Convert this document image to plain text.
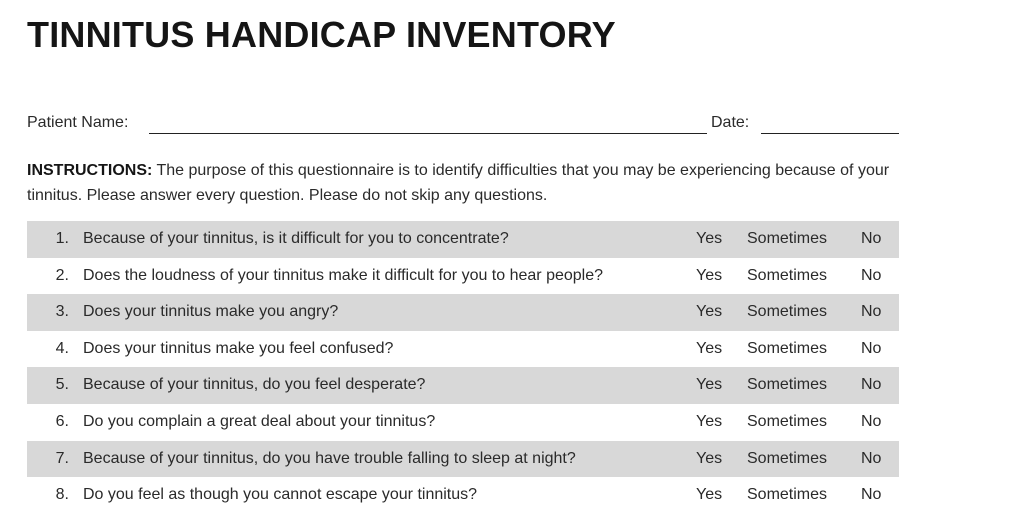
TINNITUS HANDICAP INVENTORY
Patient Name:	Date:
INSTRUCTIONS: The purpose of this questionnaire is to identify difficulties that you may be experiencing because of your tinnitus. Please answer every question. Please do not skip any questions.
1. Because of your tinnitus, is it difficult for you to concentrate?	Yes Sometimes No
2. Does the loudness of your tinnitus make it difficult for you to hear people?	Yes Sometimes No
3. Does your tinnitus make you angry?	Yes Sometimes No
4. Does your tinnitus make you feel confused?	Yes Sometimes No
5. Because of your tinnitus, do you feel desperate?	Yes Sometimes No
6. Do you complain a great deal about your tinnitus?	Yes Sometimes No
7. Because of your tinnitus, do you have trouble falling to sleep at night?	Yes Sometimes No
8. Do you feel as though you cannot escape your tinnitus?	Yes Sometimes No
